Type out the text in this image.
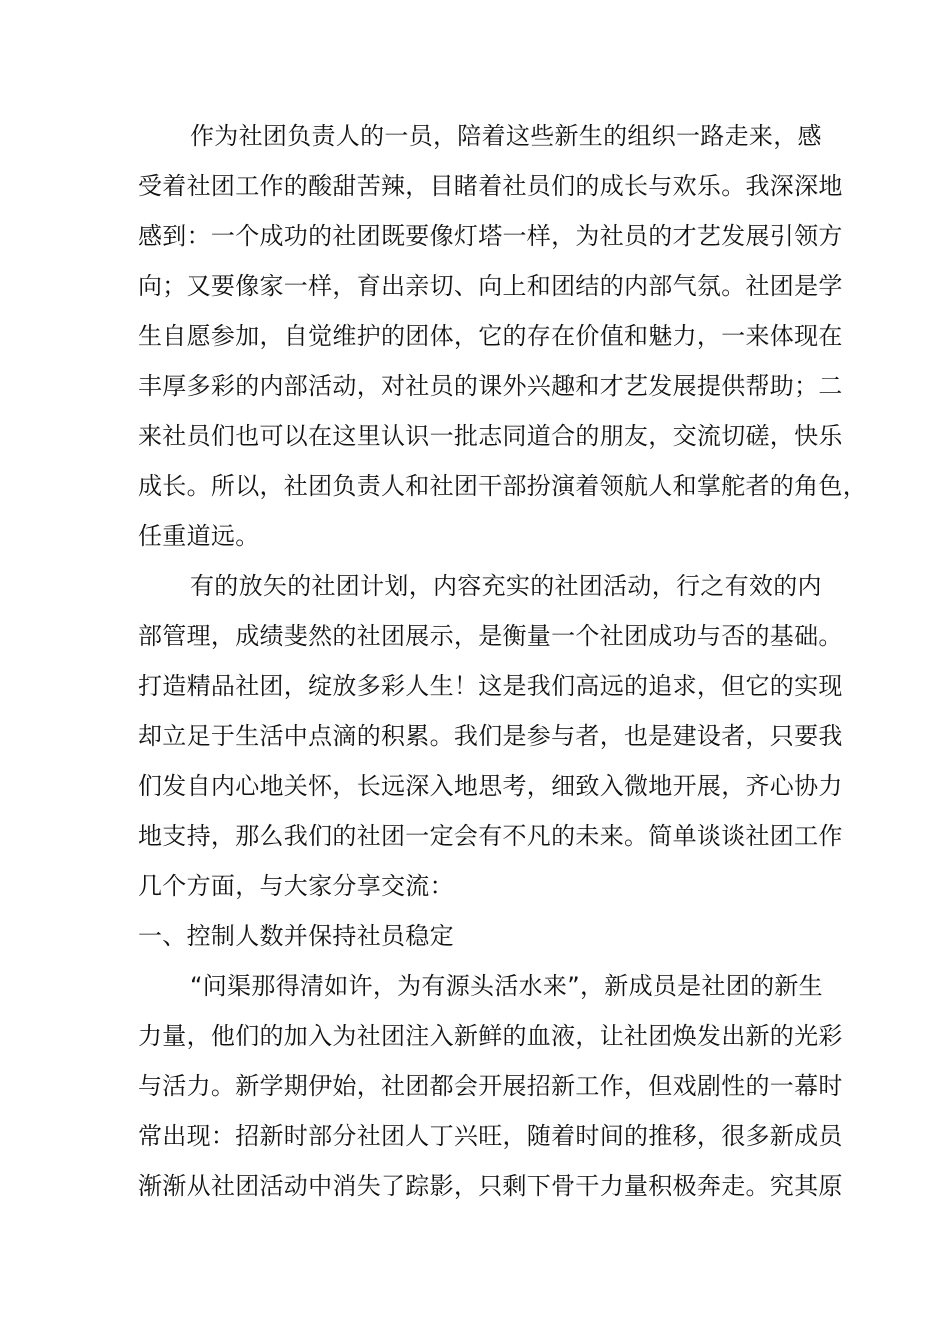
作为社团负责人的一员，陪着这些新生的组织一路走来，感
受着社团工作的酸甜苦辣，目睹着社员们的成长与欢乐。我深深地
感到：一个成功的社团既要像灯塔一样，为社员的才艺发展引领方
向；又要像家一样，育出亲切、向上和团结的内部气氛。社团是学
生自愿参加，自觉维护的团体，它的存在价值和魅力，一来体现在
丰厚多彩的内部活动，对社员的课外兴趣和才艺发展提供帮助；二
来社员们也可以在这里认识一批志同道合的朋友，交流切磋，快乐
成长。所以，社团负责人和社团干部扮演着领航人和掌舵者的角色，
任重道远。
有的放矢的社团计划，内容充实的社团活动，行之有效的内
部管理，成绩斐然的社团展示，是衡量一个社团成功与否的基础。
打造精品社团，绽放多彩人生！这是我们高远的追求，但它的实现
却立足于生活中点滴的积累。我们是参与者，也是建设者，只要我
们发自内心地关怀，长远深入地思考，细致入微地开展，齐心协力
地支持，那么我们的社团一定会有不凡的未来。简单谈谈社团工作
几个方面，与大家分享交流：
一、控制人数并保持社员稳定
“问渠那得清如许，为有源头活水来”，新成员是社团的新生
力量，他们的加入为社团注入新鲜的血液，让社团焕发出新的光彩
与活力。新学期伊始，社团都会开展招新工作，但戏剧性的一幕时
常出现：招新时部分社团人丁兴旺，随着时间的推移，很多新成员
渐渐从社团活动中消失了踪影，只剩下骨干力量积极奔走。究其原
